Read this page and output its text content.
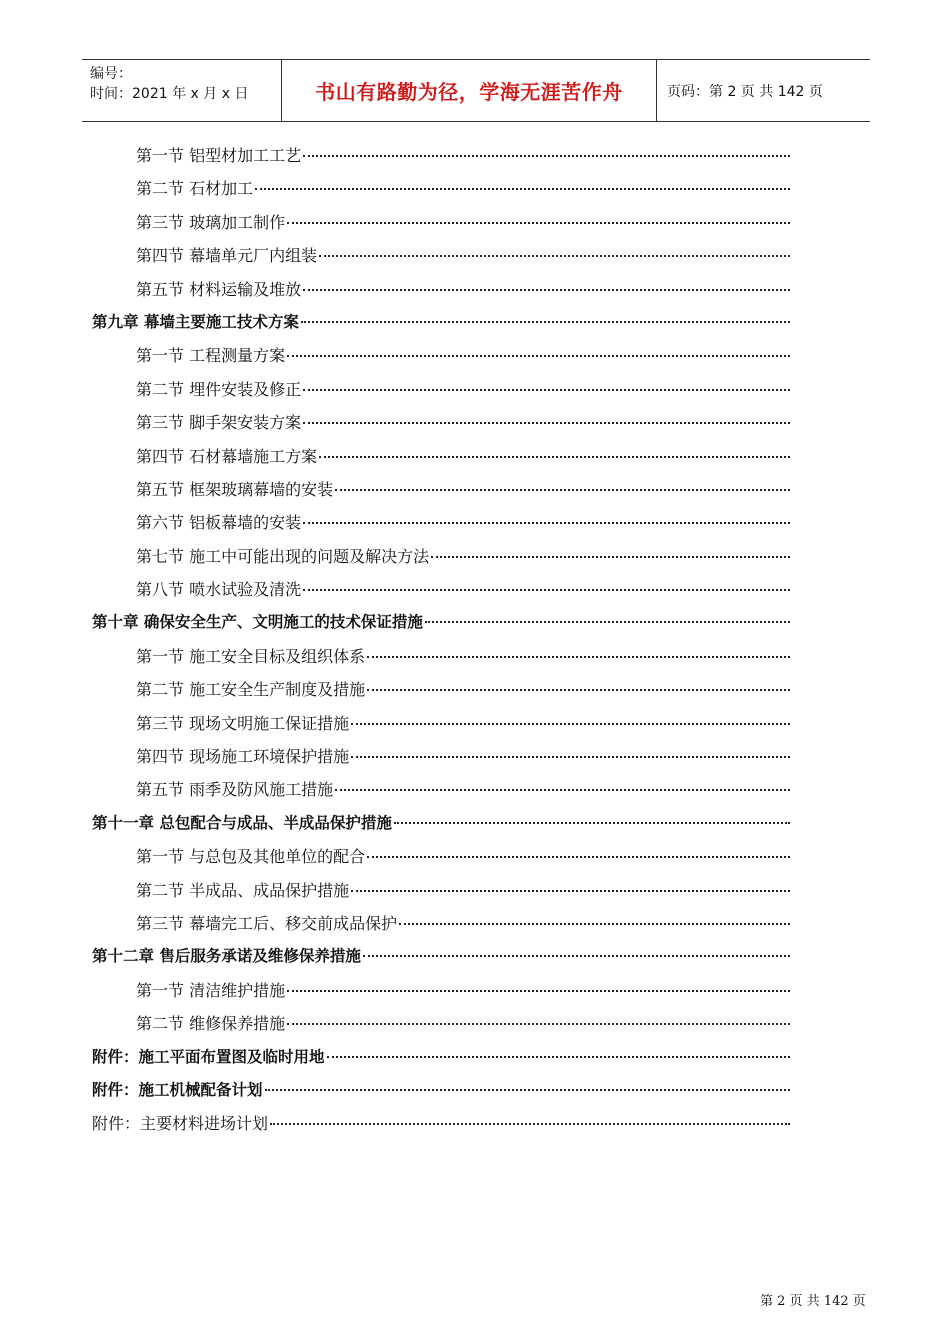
编号：
时间：2021 年 x 月 x 日	书山有路勤为径，学海无涯苦作舟	页码：第 2 页 共 142 页
第一节 铝型材加工工艺
第二节 石材加工
第三节 玻璃加工制作
第四节 幕墙单元厂内组装
第五节 材料运输及堆放
第九章 幕墙主要施工技术方案
第一节 工程测量方案
第二节 埋件安装及修正
第三节 脚手架安装方案
第四节 石材幕墙施工方案
第五节 框架玻璃幕墙的安装
第六节 铝板幕墙的安装
第七节 施工中可能出现的问题及解决方法
第八节 喷水试验及清洗
第十章 确保安全生产、文明施工的技术保证措施
第一节 施工安全目标及组织体系
第二节 施工安全生产制度及措施
第三节 现场文明施工保证措施
第四节 现场施工环境保护措施
第五节 雨季及防风施工措施
第十一章 总包配合与成品、半成品保护措施
第一节 与总包及其他单位的配合
第二节 半成品、成品保护措施
第三节 幕墙完工后、移交前成品保护
第十二章 售后服务承诺及维修保养措施
第一节 清洁维护措施
第二节 维修保养措施
附件：施工平面布置图及临时用地
附件：施工机械配备计划
附件：主要材料进场计划
第 2 页 共 142 页
